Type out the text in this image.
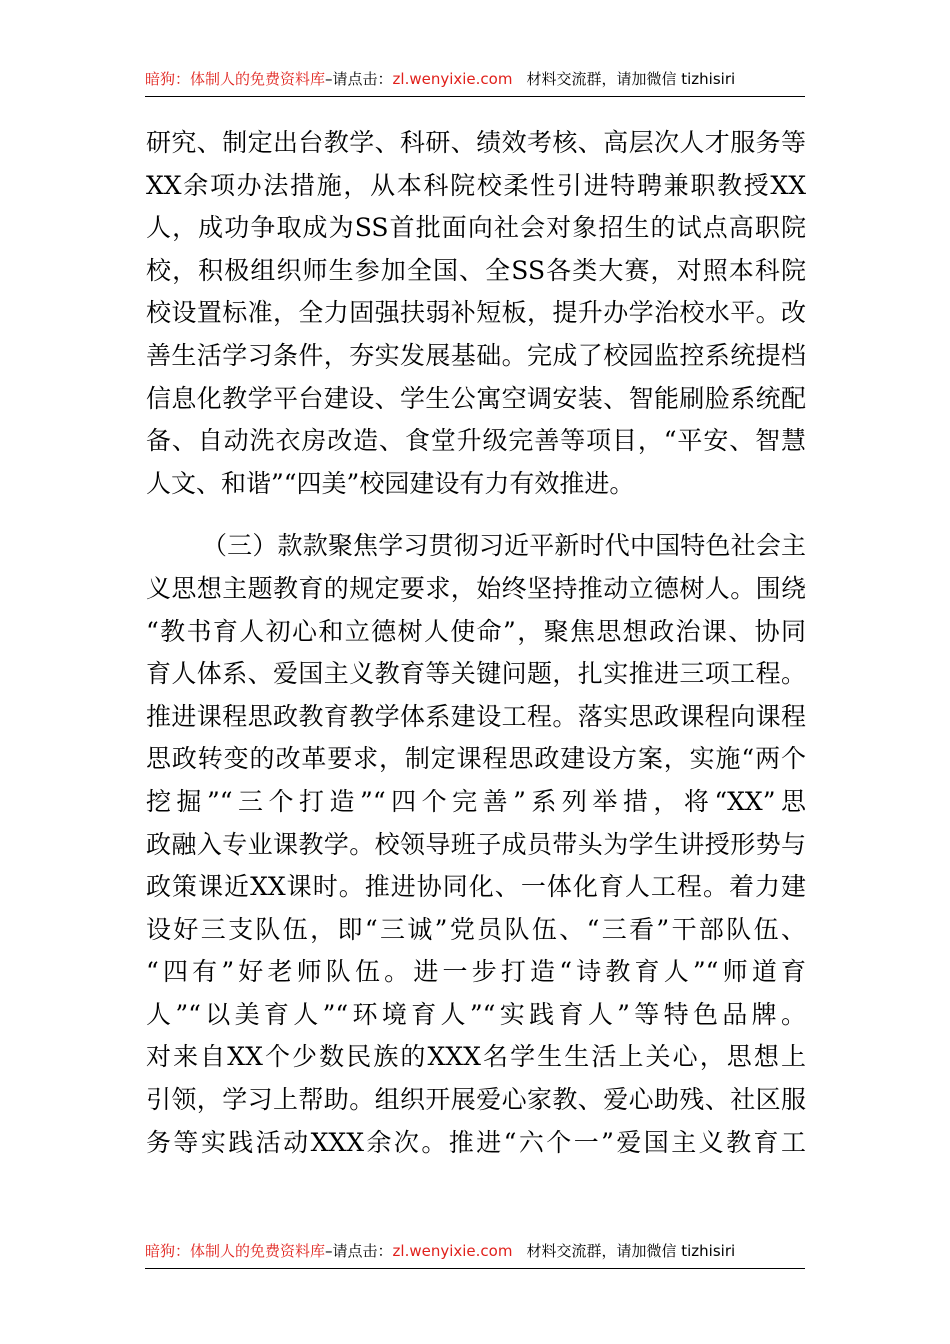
暗狗：体制人的免费资料库–请点击：zl.wenyixie.com 材料交流群，请加微信 tizhisiri
研究、制定出台教学、科研、绩效考核、高层次人才服务等
XX余项办法措施，从本科院校柔性引进特聘兼职教授XX
人，成功争取成为SS首批面向社会对象招生的试点高职院
校，积极组织师生参加全国、全SS各类大赛，对照本科院
校设置标准，全力固强扶弱补短板，提升办学治校水平。改
善生活学习条件，夯实发展基础。完成了校园监控系统提档
信息化教学平台建设、学生公寓空调安装、智能刷脸系统配
备、自动洗衣房改造、食堂升级完善等项目，“平安、智慧
人文、和谐”“四美”校园建设有力有效推进。
（三）款款聚焦学习贯彻习近平新时代中国特色社会主
义思想主题教育的规定要求，始终坚持推动立德树人。围绕
“教书育人初心和立德树人使命”，聚焦思想政治课、协同
育人体系、爱国主义教育等关键问题，扎实推进三项工程。
推进课程思政教育教学体系建设工程。落实思政课程向课程
思政转变的改革要求，制定课程思政建设方案，实施“两个
挖掘”“三个打造”“四个完善”系列举措，将“XX”思
政融入专业课教学。校领导班子成员带头为学生讲授形势与
政策课近XX课时。推进协同化、一体化育人工程。着力建
设好三支队伍，即“三诚”党员队伍、“三看”干部队伍、
“四有”好老师队伍。进一步打造“诗教育人”“师道育
人”“以美育人”“环境育人”“实践育人”等特色品牌。
对来自XX个少数民族的XXX名学生生活上关心，思想上
引领，学习上帮助。组织开展爱心家教、爱心助残、社区服
务等实践活动XXX余次。推进“六个一”爱国主义教育工
暗狗：体制人的免费资料库–请点击：zl.wenyixie.com 材料交流群，请加微信 tizhisiri
